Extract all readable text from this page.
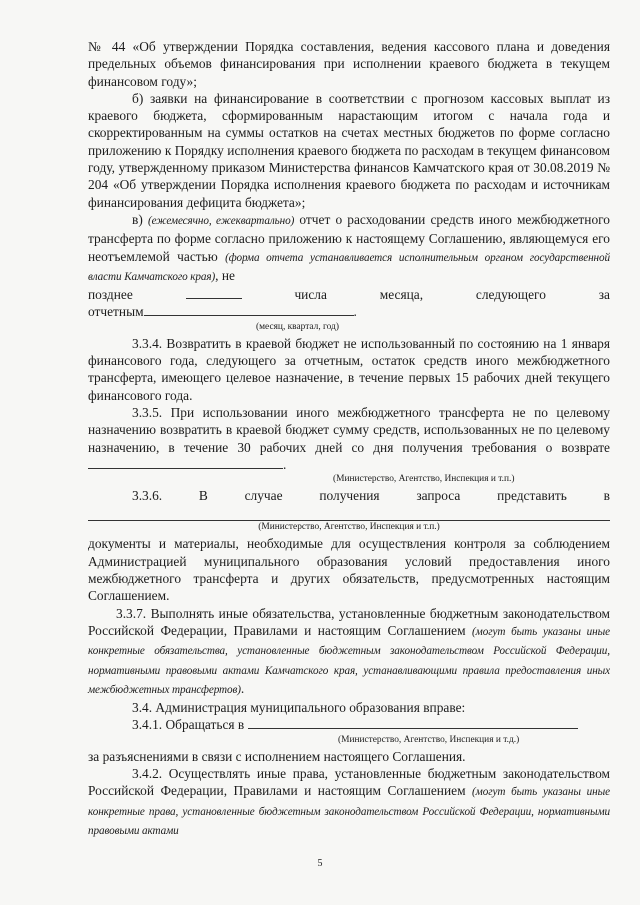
№ 44 «Об утверждении Порядка составления, ведения кассового плана и доведения предельных объемов финансирования при исполнении краевого бюджета в текущем финансовом году»;

б) заявки на финансирование в соответствии с прогнозом кассовых выплат из краевого бюджета, сформированным нарастающим итогом с начала года и скорректированным на суммы остатков на счетах местных бюджетов по форме согласно приложению к Порядку исполнения краевого бюджета по расходам в текущем финансовом году, утвержденному приказом Министерства финансов Камчатского края от 30.08.2019 № 204 «Об утверждении Порядка исполнения краевого бюджета по расходам и источникам финансирования дефицита бюджета»;

в) (ежемесячно, ежеквартально) отчет о расходовании средств иного межбюджетного трансферта по форме согласно приложению к настоящему Соглашению, являющемуся его неотъемлемой частью (форма отчета устанавливается исполнительным органом государственной власти Камчатского края), не

позднее	числа	месяца,	следующего	за

отчетным	.

(месяц, квартал, год)

3.3.4. Возвратить в краевой бюджет не использованный по состоянию на 1 января финансового года, следующего за отчетным, остаток средств иного межбюджетного трансферта, имеющего целевое назначение, в течение первых 15 рабочих дней текущего финансового года.

3.3.5. При использовании иного межбюджетного трансферта не по целевому назначению возвратить в краевой бюджет сумму средств, использованных не по целевому назначению, в течение 30 рабочих дней со дня получения требования о возврате .

(Министерство, Агентство, Инспекция и т.п.)

3.3.6.	В	случае	получения	запроса	представить	в

(Министерство, Агентство, Инспекция и т.п.)

документы и материалы, необходимые для осуществления контроля за соблюдением Администрацией муниципального образования условий предоставления иного межбюджетного трансферта и других обязательств, предусмотренных настоящим Соглашением.

3.3.7. Выполнять иные обязательства, установленные бюджетным законодательством Российской Федерации, Правилами и настоящим Соглашением (могут быть указаны иные конкретные обязательства, установленные бюджетным законодательством Российской Федерации, нормативными правовыми актами Камчатского края, устанавливающими правила предоставления иных межбюджетных трансфертов).

3.4. Администрация муниципального образования вправе:

3.4.1. Обращаться в

(Министерство, Агентство, Инспекция и т.д.)

за разъяснениями в связи с исполнением настоящего Соглашения.

3.4.2. Осуществлять иные права, установленные бюджетным законодательством Российской Федерации, Правилами и настоящим Соглашением (могут быть указаны иные конкретные права, установленные бюджетным законодательством Российской Федерации, нормативными правовыми актами

5
